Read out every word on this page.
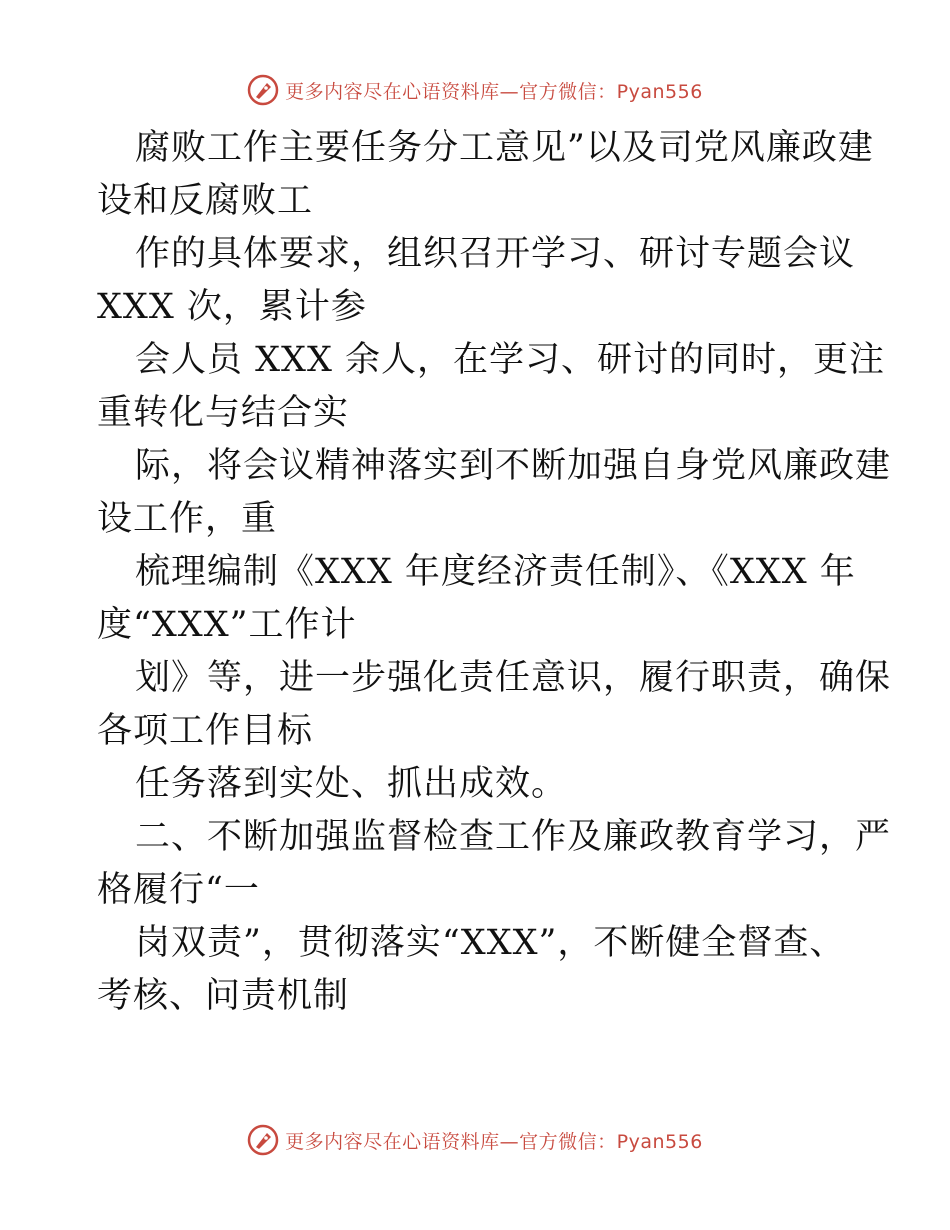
更多内容尽在心语资料库—官方微信：Pyan556
腐败工作主要任务分工意见”以及司党风廉政建
设和反腐败工
作的具体要求，组织召开学习、研讨专题会议
XXX 次，累计参
会人员 XXX 余人，在学习、研讨的同时，更注
重转化与结合实
际，将会议精神落实到不断加强自身党风廉政建
设工作，重
梳理编制《XXX 年度经济责任制》、《XXX 年
度“XXX”工作计
划》等，进一步强化责任意识，履行职责，确保
各项工作目标
任务落到实处、抓出成效。
二、不断加强监督检查工作及廉政教育学习，严
格履行“一
岗双责”，贯彻落实“XXX”，不断健全督查、
考核、问责机制
更多内容尽在心语资料库—官方微信：Pyan556
